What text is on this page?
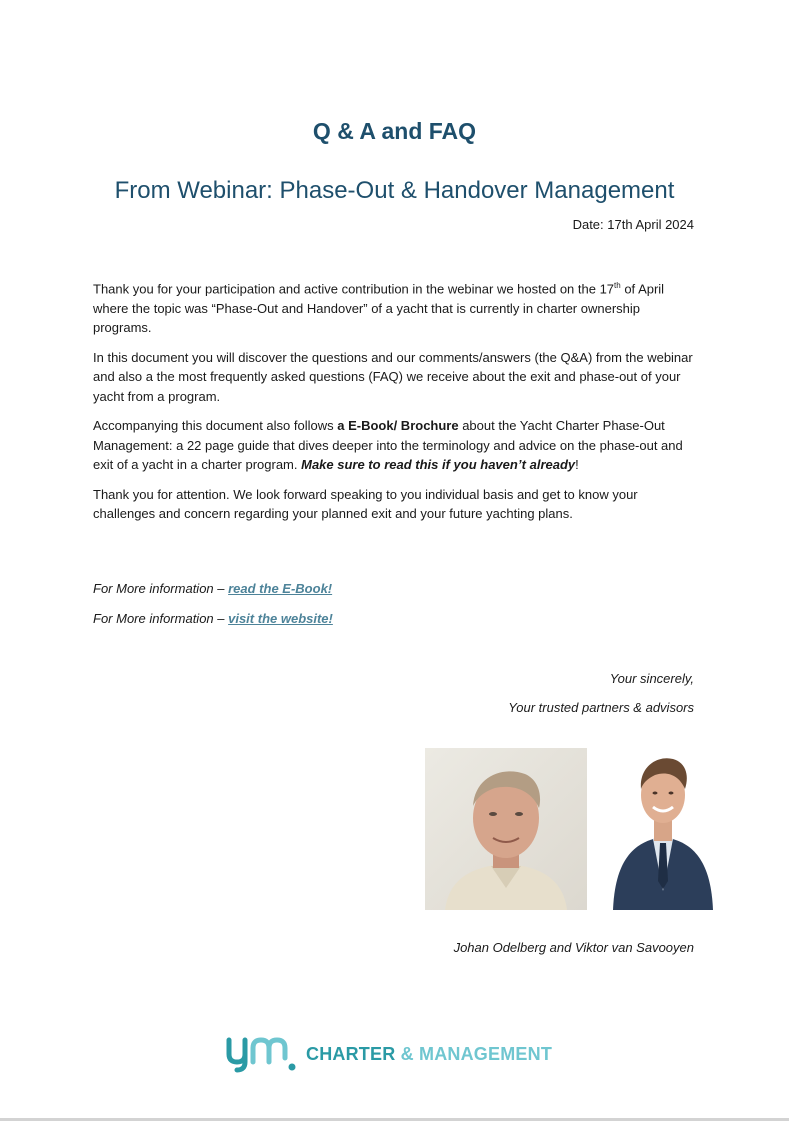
Q & A and FAQ
From Webinar: Phase-Out & Handover Management
Date: 17th April 2024

Thank you for your participation and active contribution in the webinar we hosted on the 17th of April where the topic was “Phase-Out and Handover” of a yacht that is currently in charter ownership programs.

In this document you will discover the questions and our comments/answers (the Q&A) from the webinar and also a the most frequently asked questions (FAQ) we receive about the exit and phase-out of your yacht from a program.

Accompanying this document also follows a E-Book/ Brochure about the Yacht Charter Phase-Out Management: a 22 page guide that dives deeper into the terminology and advice on the phase-out and exit of a yacht in a charter program. Make sure to read this if you haven’t already!

Thank you for attention. We look forward speaking to you individual basis and get to know your challenges and concern regarding your planned exit and your future yachting plans.

For More information – read the E-Book!
For More information – visit the website!
Your sincerely,
Your trusted partners & advisors
Johan Odelberg and Viktor van Savooyen
CHARTER & MANAGEMENT
